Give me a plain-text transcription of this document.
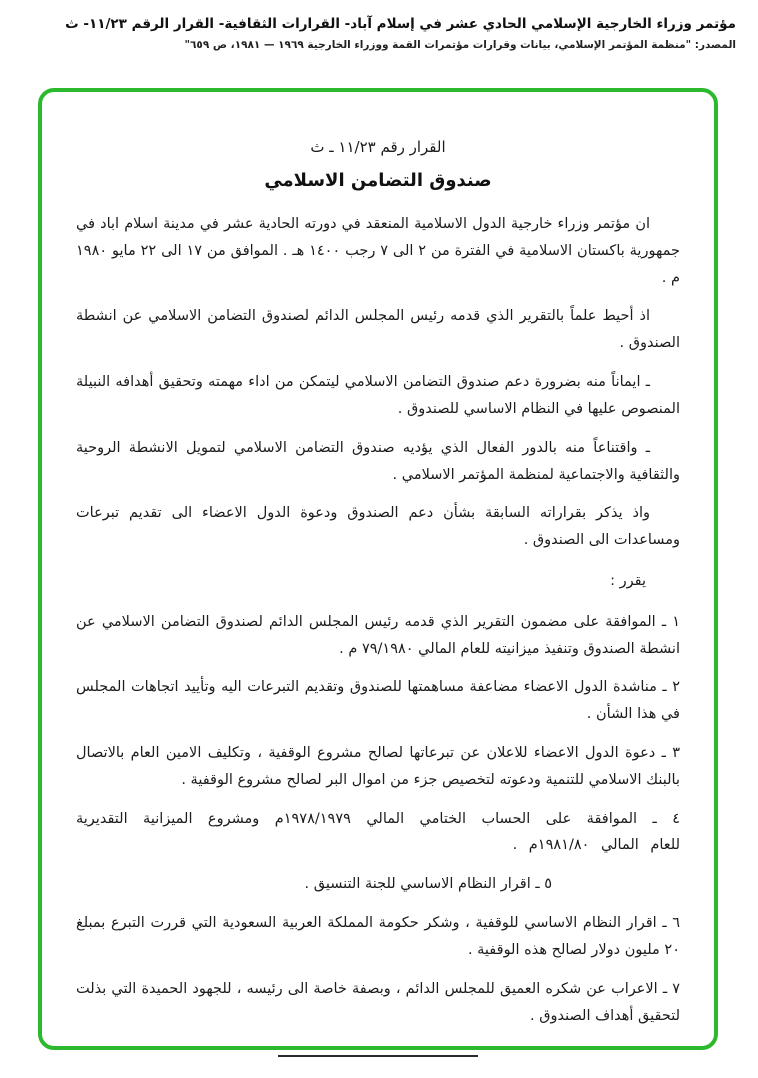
مؤتمر وزراء الخارجية الإسلامي الحادي عشر في إسلام آباد- القرارات الثقافية- القرار الرقم ١١/٢٣- ث
المصدر: "منظمة المؤتمر الإسلامي، بيانات وقرارات مؤتمرات القمة ووزراء الخارجية ١٩٦٩ — ١٩٨١، ص ٦٥٩"
القرار رقم ١١/٢٣ ـ ث
صندوق التضامن الاسلامي

ان مؤتمر وزراء خارجية الدول الاسلامية المنعقد في دورته الحادية عشر في مدينة اسلام اباد في جمهورية باكستان الاسلامية في الفترة من ٢ الى ٧ رجب ١٤٠٠ هـ . الموافق من ١٧ الى ٢٢ مايو ١٩٨٠ م .

اذ أحيط علماً بالتقرير الذي قدمه رئيس المجلس الدائم لصندوق التضامن الاسلامي عن انشطة الصندوق .

ـ ايماناً منه بضرورة دعم صندوق التضامن الاسلامي ليتمكن من اداء مهمته وتحقيق أهدافه النبيلة المنصوص عليها في النظام الاساسي للصندوق .

ـ واقتناعاً منه بالدور الفعال الذي يؤديه صندوق التضامن الاسلامي لتمويل الانشطة الروحية والثقافية والاجتماعية لمنظمة المؤتمر الاسلامي .

واذ يذكر بقراراته السابقة بشأن دعم الصندوق ودعوة الدول الاعضاء الى تقديم تبرعات ومساعدات الى الصندوق .

يقرر :

١ ـ الموافقة على مضمون التقرير الذي قدمه رئيس المجلس الدائم لصندوق التضامن الاسلامي عن انشطة الصندوق وتنفيذ ميزانيته للعام المالي ٧٩/١٩٨٠ م .

٢ ـ مناشدة الدول الاعضاء مضاعفة مساهمتها للصندوق وتقديم التبرعات اليه وتأييد اتجاهات المجلس في هذا الشأن .

٣ ـ دعوة الدول الاعضاء للاعلان عن تبرعاتها لصالح مشروع الوقفية ، وتكليف الامين العام بالاتصال بالبنك الاسلامي للتنمية ودعوته لتخصيص جزء من اموال البر لصالح مشروع الوقفية .

٤ ـ الموافقة على الحساب الختامي المالي ١٩٧٨/١٩٧٩م ومشروع الميزانية التقديرية للعام المالي ١٩٨١/٨٠م .

٥ ـ اقرار النظام الاساسي للجنة التنسيق .

٦ ـ اقرار النظام الاساسي للوقفية ، وشكر حكومة المملكة العربية السعودية التي قررت التبرع بمبلغ ٢٠ مليون دولار لصالح هذه الوقفية .

٧ ـ الاعراب عن شكره العميق للمجلس الدائم ، وبصفة خاصة الى رئيسه ، للجهود الحميدة التي بذلت لتحقيق أهداف الصندوق .
